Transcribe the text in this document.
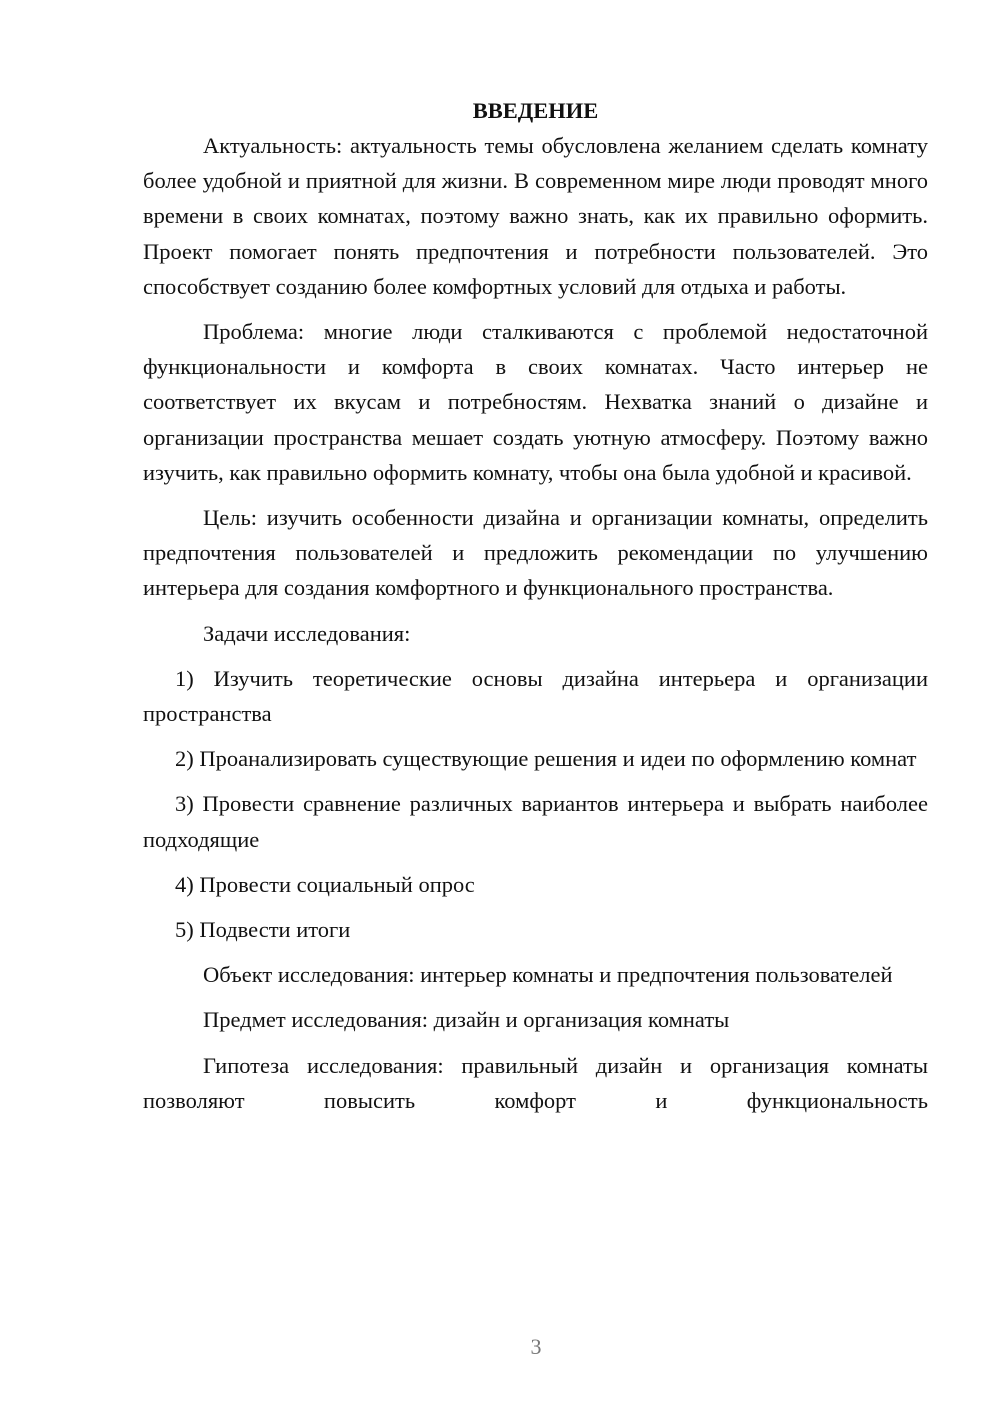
ВВЕДЕНИЕ

Актуальность: актуальность темы обусловлена желанием сделать комнату более удобной и приятной для жизни. В современном мире люди проводят много времени в своих комнатах, поэтому важно знать, как их правильно оформить. Проект помогает понять предпочтения и потребности пользователей. Это способствует созданию более комфортных условий для отдыха и работы.

Проблема: многие люди сталкиваются с проблемой недостаточной функциональности и комфорта в своих комнатах. Часто интерьер не соответствует их вкусам и потребностям. Нехватка знаний о дизайне и организации пространства мешает создать уютную атмосферу. Поэтому важно изучить, как правильно оформить комнату, чтобы она была удобной и красивой.

Цель: изучить особенности дизайна и организации комнаты, определить предпочтения пользователей и предложить рекомендации по улучшению интерьера для создания комфортного и функционального пространства.

Задачи исследования:

1) Изучить теоретические основы дизайна интерьера и организации пространства

2) Проанализировать существующие решения и идеи по оформлению комнат

3) Провести сравнение различных вариантов интерьера и выбрать наиболее подходящие

4) Провести социальный опрос

5) Подвести итоги

Объект исследования: интерьер комнаты и предпочтения пользователей

Предмет исследования: дизайн и организация комнаты

Гипотеза исследования: правильный дизайн и организация комнаты позволяют повысить комфорт и функциональность

3
